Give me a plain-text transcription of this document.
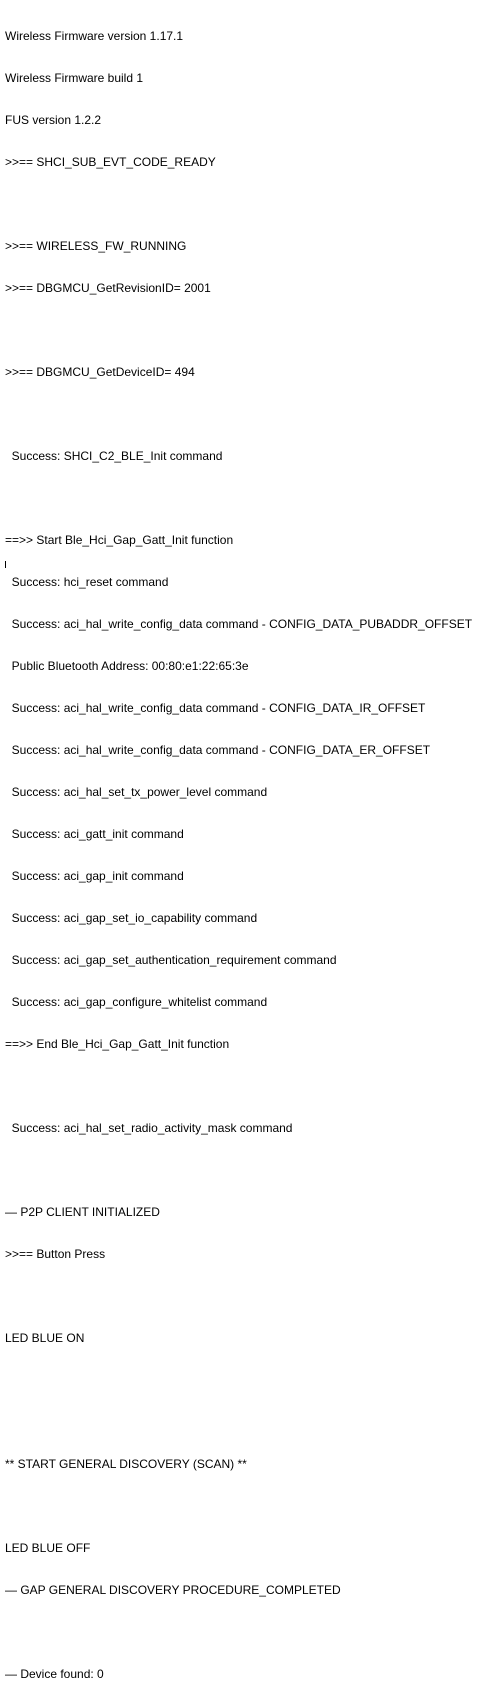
Wireless Firmware version 1.17.1

Wireless Firmware build 1

FUS version 1.2.2

>>== SHCI_SUB_EVT_CODE_READY

>>== WIRELESS_FW_RUNNING

>>== DBGMCU_GetRevisionID= 2001

>>== DBGMCU_GetDeviceID= 494

Success: SHCI_C2_BLE_Init command

==>> Start Ble_Hci_Gap_Gatt_Init function

Success: hci_reset command

Success: aci_hal_write_config_data command - CONFIG_DATA_PUBADDR_OFFSET

Public Bluetooth Address: 00:80:e1:22:65:3e

Success: aci_hal_write_config_data command - CONFIG_DATA_IR_OFFSET

Success: aci_hal_write_config_data command - CONFIG_DATA_ER_OFFSET

Success: aci_hal_set_tx_power_level command

Success: aci_gatt_init command

Success: aci_gap_init command

Success: aci_gap_set_io_capability command

Success: aci_gap_set_authentication_requirement command

Success: aci_gap_configure_whitelist command

==>> End Ble_Hci_Gap_Gatt_Init function

Success: aci_hal_set_radio_activity_mask command

— P2P CLIENT INITIALIZED

>>== Button Press

LED BLUE ON

** START GENERAL DISCOVERY (SCAN) **

LED BLUE OFF

— GAP GENERAL DISCOVERY PROCEDURE_COMPLETED

— Device found: 0
